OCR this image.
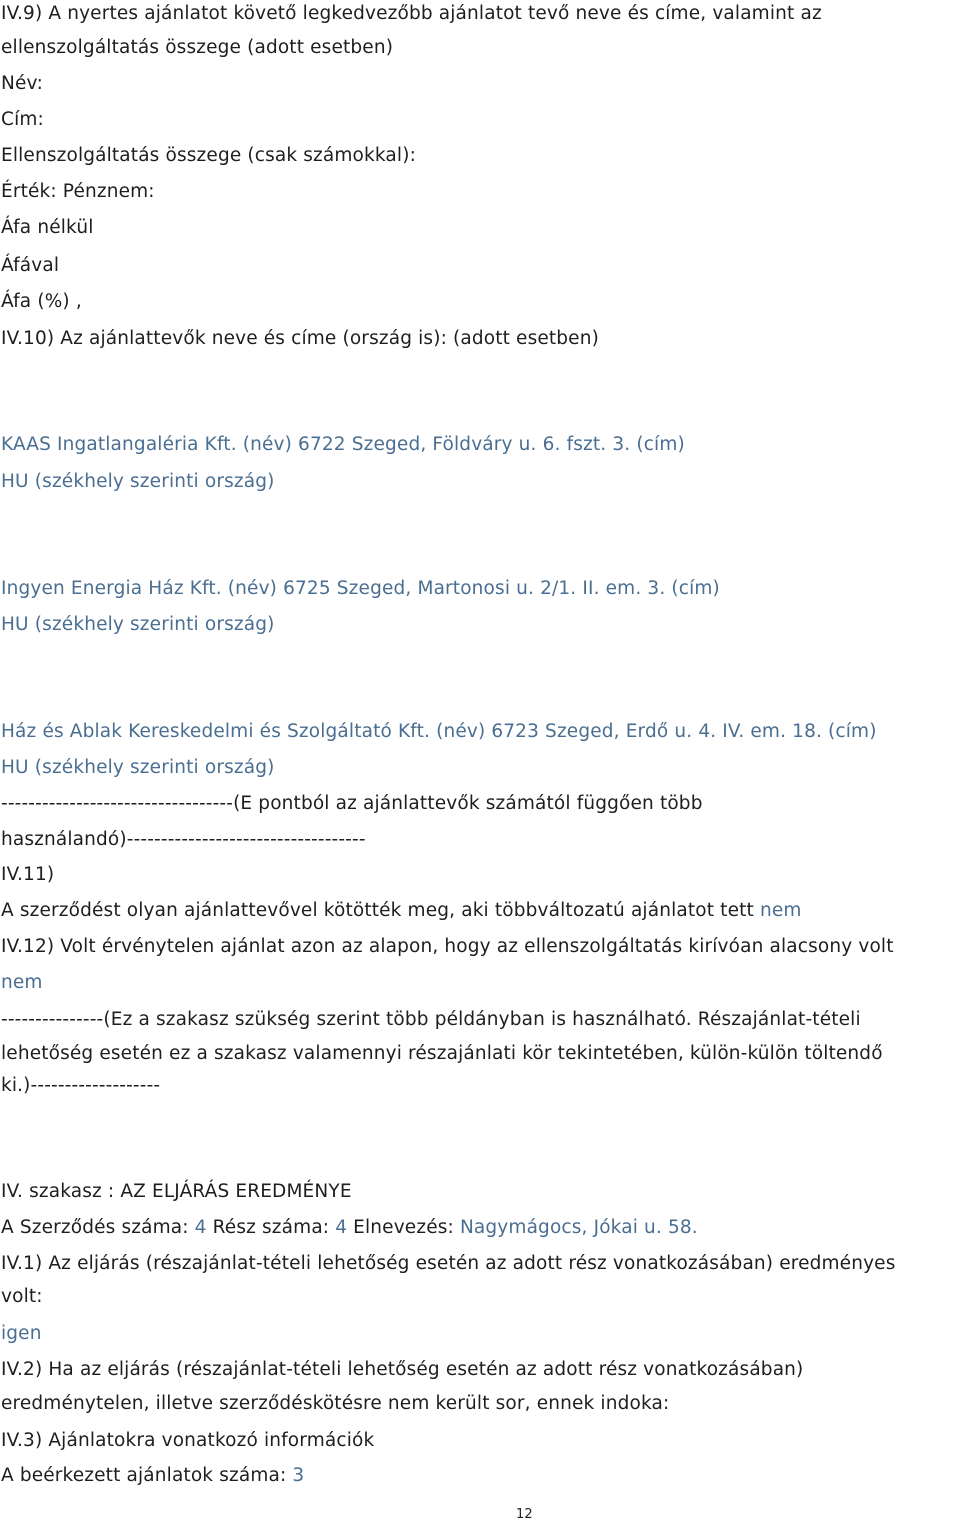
IV.9) A nyertes ajánlatot követő legkedvezőbb ajánlatot tevő neve és címe, valamint az
ellenszolgáltatás összege (adott esetben)
Név:
Cím:
Ellenszolgáltatás összege (csak számokkal):
Érték: Pénznem:
Áfa nélkül
Áfával
Áfa (%) ,
IV.10) Az ajánlattevők neve és címe (ország is): (adott esetben)
KAAS Ingatlangaléria Kft. (név) 6722 Szeged, Földváry u. 6. fszt. 3. (cím)
HU (székhely szerinti ország)
Ingyen Energia Ház Kft. (név) 6725 Szeged, Martonosi u. 2/1. II. em. 3. (cím)
HU (székhely szerinti ország)
Ház és Ablak Kereskedelmi és Szolgáltató Kft. (név) 6723 Szeged, Erdő u. 4. IV. em. 18. (cím)
HU (székhely szerinti ország)
----------------------------------(E pontból az ajánlattevők számától függően több
használandó)-----------------------------------
IV.11)
A szerződést olyan ajánlattevővel kötötték meg, aki többváltozatú ajánlatot tett nem
IV.12) Volt érvénytelen ajánlat azon az alapon, hogy az ellenszolgáltatás kirívóan alacsony volt
nem
---------------(Ez a szakasz szükség szerint több példányban is használható. Részajánlat-tételi
lehetőség esetén ez a szakasz valamennyi részajánlati kör tekintetében, külön-külön töltendő
ki.)-------------------
IV. szakasz : AZ ELJÁRÁS EREDMÉNYE
A Szerződés száma: 4 Rész száma: 4 Elnevezés: Nagymágocs, Jókai u. 58.
IV.1) Az eljárás (részajánlat-tételi lehetőség esetén az adott rész vonatkozásában) eredményes
volt:
igen
IV.2) Ha az eljárás (részajánlat-tételi lehetőség esetén az adott rész vonatkozásában)
eredménytelen, illetve szerződéskötésre nem került sor, ennek indoka:
IV.3) Ajánlatokra vonatkozó információk
A beérkezett ajánlatok száma: 3
12
